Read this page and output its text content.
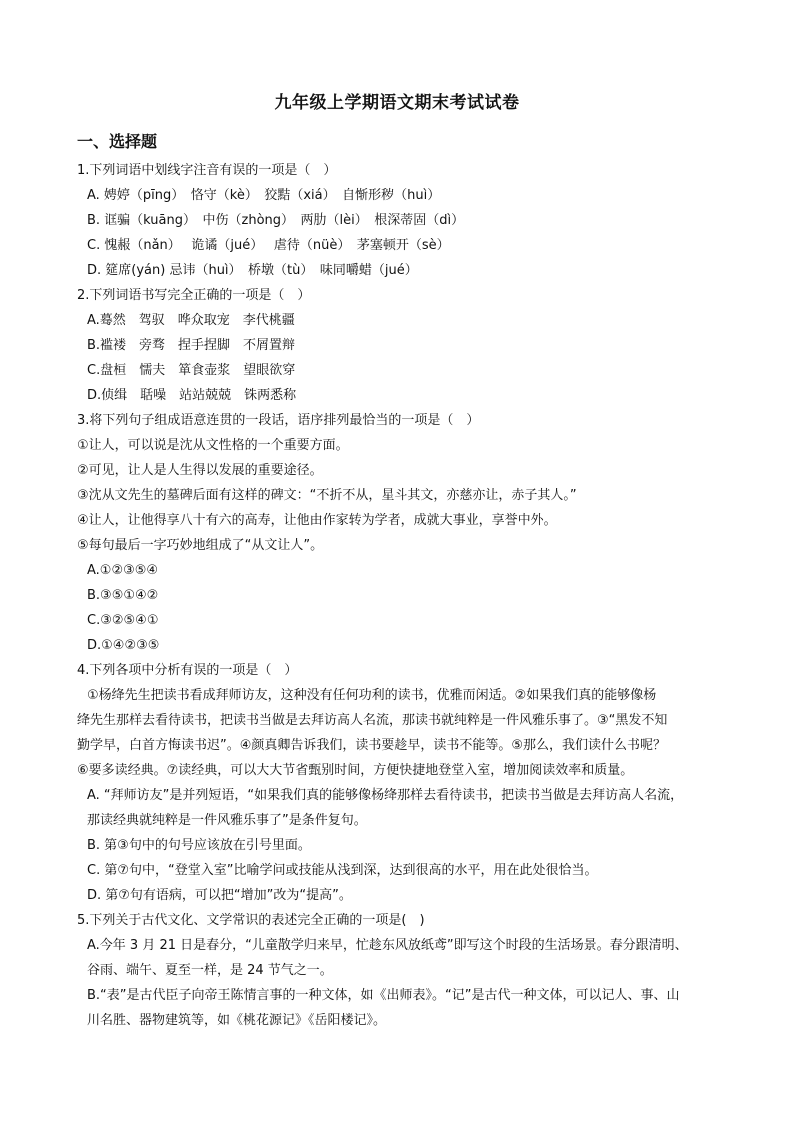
九年级上学期语文期末考试试卷
一、选择题
1.下列词语中划线字注音有误的一项是（　）
A. 娉婷（pīng）　恪守（kè）　狡黠（xiá）　自惭形秽（huì）
B. 诓骗（kuāng）　中伤（zhòng）　两肋（lèi）　根深蒂固（dì）
C. 愧赧（nǎn）　 诡谲（jué）　 虐待（nüè）　茅塞顿开（sè）
D. 筵席(yán) 忌讳（huì）　桥墩（tù）　味同嚼蜡（jué）
2.下列词语书写完全正确的一项是（　）
A.蓦然　驾驭　哗众取宠　李代桃疆
B.褴褛　旁骛　捏手捏脚　不屑置辩
C.盘桓　懦夫　箪食壶浆　望眼欲穿
D.侦缉　聒噪　站站兢兢　铢两悉称
3.将下列句子组成语意连贯的一段话，语序排列最恰当的一项是（　）
①让人，可以说是沈从文性格的一个重要方面。
②可见，让人是人生得以发展的重要途径。
③沈从文先生的墓碑后面有这样的碑文：“不折不从，星斗其文，亦慈亦让，赤子其人。”
④让人，让他得享八十有六的高寿，让他由作家转为学者，成就大事业，享誉中外。
⑤每句最后一字巧妙地组成了“从文让人”。
A.①②③⑤④
B.③⑤①④②
C.③②⑤④①
D.①④②③⑤
4.下列各项中分析有误的一项是（　）
①杨绛先生把读书看成拜师访友，这种没有任何功利的读书，优雅而闲适。②如果我们真的能够像杨
绛先生那样去看待读书，把读书当做是去拜访高人名流，那读书就纯粹是一件风雅乐事了。③“黑发不知
勤学早，白首方悔读书迟”。④颜真卿告诉我们，读书要趁早，读书不能等。⑤那么，我们读什么书呢？
⑥要多读经典。⑦读经典，可以大大节省甄别时间，方便快捷地登堂入室，增加阅读效率和质量。
A. “拜师访友”是并列短语，“如果我们真的能够像杨绛那样去看待读书，把读书当做是去拜访高人名流，
那读经典就纯粹是一件风雅乐事了”是条件复句。
B. 第③句中的句号应该放在引号里面。
C. 第⑦句中，“登堂入室”比喻学问或技能从浅到深，达到很高的水平，用在此处很恰当。
D. 第⑦句有语病，可以把“增加”改为“提高”。
5.下列关于古代文化、文学常识的表述完全正确的一项是(　)
A.今年 3 月 21 日是春分，“儿童散学归来早，忙趁东风放纸鸢”即写这个时段的生活场景。春分跟清明、
谷雨、端午、夏至一样，是 24 节气之一。
B.“表”是古代臣子向帝王陈情言事的一种文体，如《出师表》。“记”是古代一种文体，可以记人、事、山
川名胜、器物建筑等，如《桃花源记》《岳阳楼记》。
